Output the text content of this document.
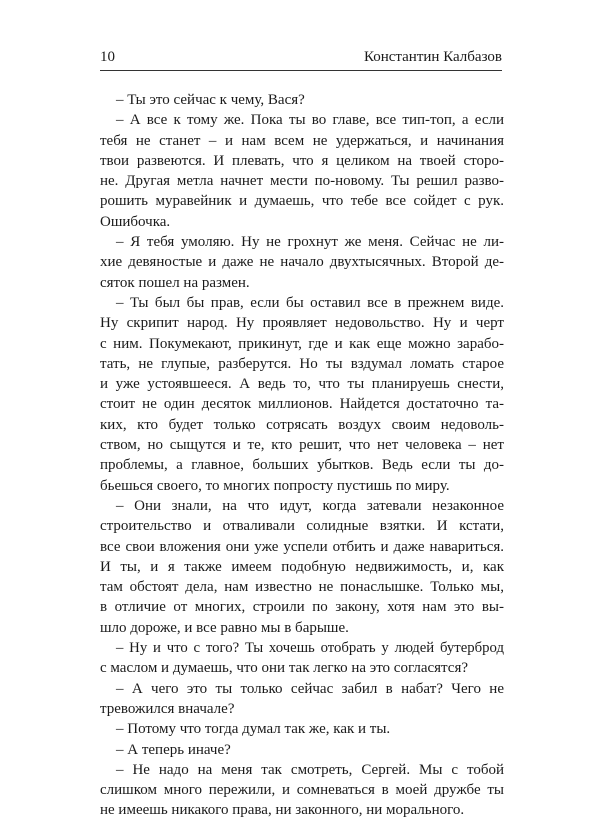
10	Константин Калбазов
– Ты это сейчас к чему, Вася?
– А все к тому же. Пока ты во главе, все тип-топ, а если
тебя не станет – и нам всем не удержаться, и начинания
твои развеются. И плевать, что я целиком на твоей сторо-
не. Другая метла начнет мести по-новому. Ты решил разво-
рошить муравейник и думаешь, что тебе все сойдет с рук.
Ошибочка.
– Я тебя умоляю. Ну не грохнут же меня. Сейчас не ли-
хие девяностые и даже не начало двухтысячных. Второй де-
сяток пошел на размен.
– Ты был бы прав, если бы оставил все в прежнем виде.
Ну скрипит народ. Ну проявляет недовольство. Ну и черт
с ним. Покумекают, прикинут, где и как еще можно зарабо-
тать, не глупые, разберутся. Но ты вздумал ломать старое
и уже устоявшееся. А ведь то, что ты планируешь снести,
стоит не один десяток миллионов. Найдется достаточно та-
ких, кто будет только сотрясать воздух своим недоволь-
ством, но сыщутся и те, кто решит, что нет человека – нет
проблемы, а главное, больших убытков. Ведь если ты до-
бьешься своего, то многих попросту пустишь по миру.
– Они знали, на что идут, когда затевали незаконное
строительство и отваливали солидные взятки. И кстати,
все свои вложения они уже успели отбить и даже навариться.
И ты, и я также имеем подобную недвижимость, и, как
там обстоят дела, нам известно не понаслышке. Только мы,
в отличие от многих, строили по закону, хотя нам это вы-
шло дороже, и все равно мы в барыше.
– Ну и что с того? Ты хочешь отобрать у людей бутерброд
с маслом и думаешь, что они так легко на это согласятся?
– А чего это ты только сейчас забил в набат? Чего не
тревожился вначале?
– Потому что тогда думал так же, как и ты.
– А теперь иначе?
– Не надо на меня так смотреть, Сергей. Мы с тобой
слишком много пережили, и сомневаться в моей дружбе ты
не имеешь никакого права, ни законного, ни морального.
